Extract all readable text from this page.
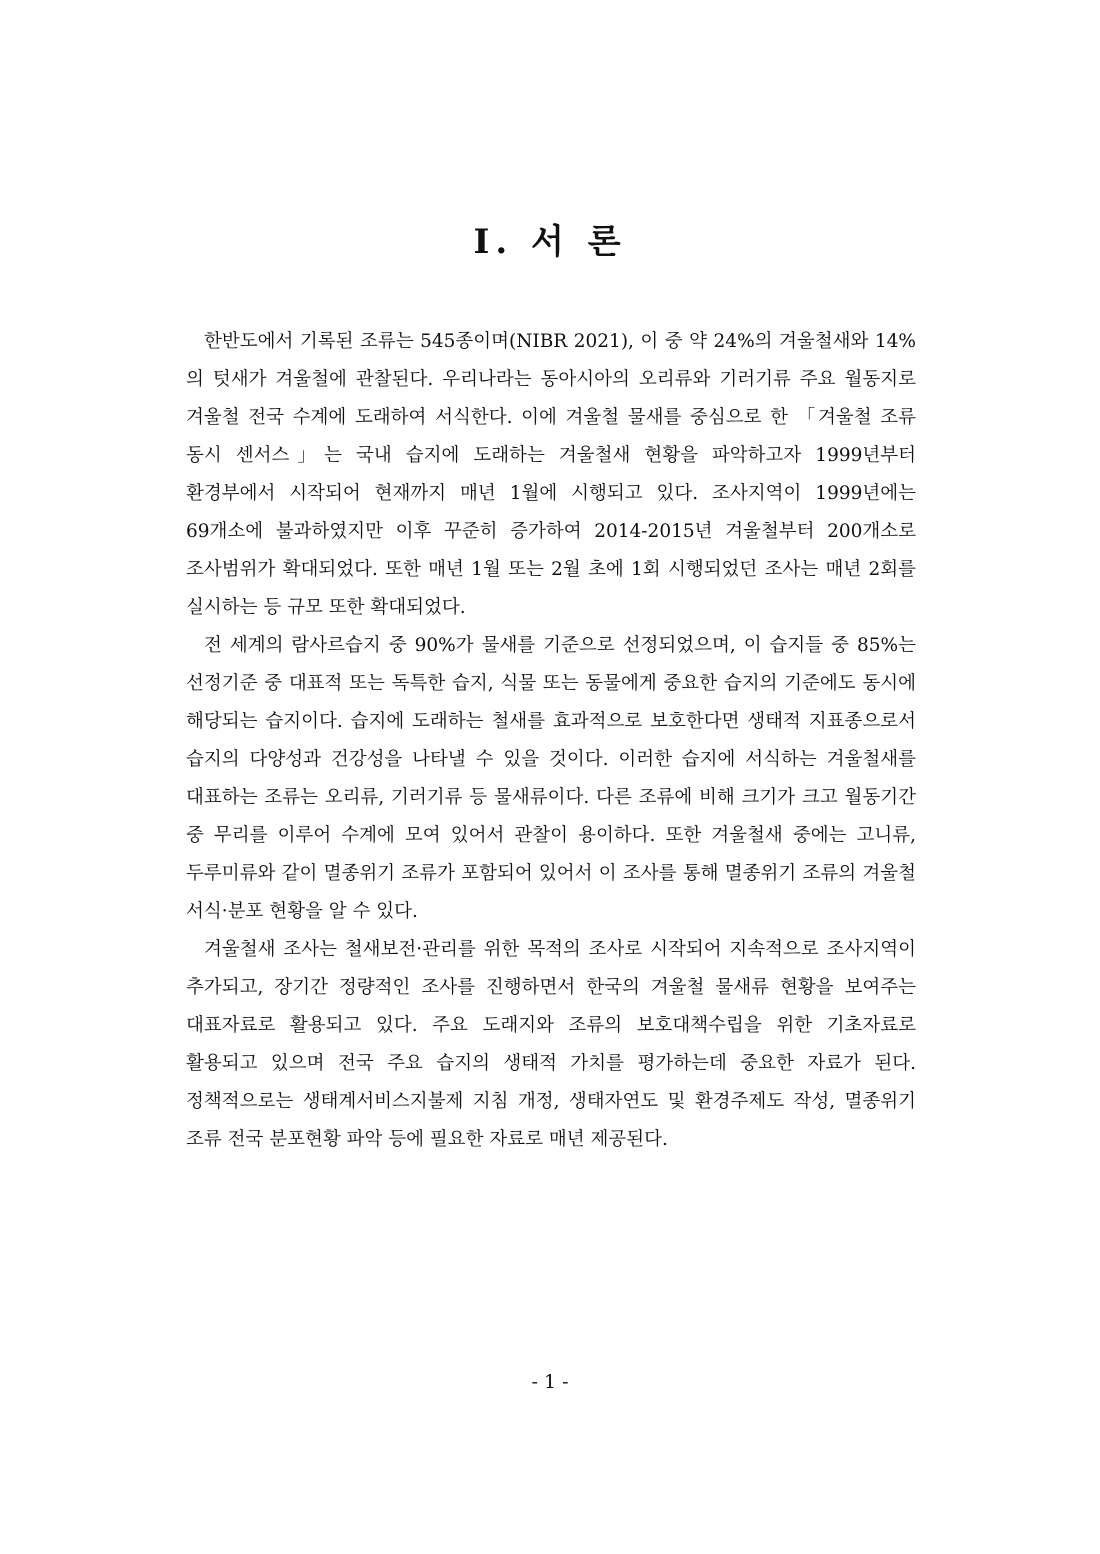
Ⅰ. 서 론

한반도에서 기록된 조류는 545종이며(NIBR 2021), 이 중 약 24%의 겨울철새와 14%의 텃새가 겨울철에 관찰된다. 우리나라는 동아시아의 오리류와 기러기류 주요 월동지로 겨울철 전국 수계에 도래하여 서식한다. 이에 겨울철 물새를 중심으로 한 「겨울철 조류 동시 센서스」는 국내 습지에 도래하는 겨울철새 현황을 파악하고자 1999년부터 환경부에서 시작되어 현재까지 매년 1월에 시행되고 있다. 조사지역이 1999년에는 69개소에 불과하였지만 이후 꾸준히 증가하여 2014-2015년 겨울철부터 200개소로 조사범위가 확대되었다. 또한 매년 1월 또는 2월 초에 1회 시행되었던 조사는 매년 2회를 실시하는 등 규모 또한 확대되었다.

전 세계의 람사르습지 중 90%가 물새를 기준으로 선정되었으며, 이 습지들 중 85%는 선정기준 중 대표적 또는 독특한 습지, 식물 또는 동물에게 중요한 습지의 기준에도 동시에 해당되는 습지이다. 습지에 도래하는 철새를 효과적으로 보호한다면 생태적 지표종으로서 습지의 다양성과 건강성을 나타낼 수 있을 것이다. 이러한 습지에 서식하는 겨울철새를 대표하는 조류는 오리류, 기러기류 등 물새류이다. 다른 조류에 비해 크기가 크고 월동기간 중 무리를 이루어 수계에 모여 있어서 관찰이 용이하다. 또한 겨울철새 중에는 고니류, 두루미류와 같이 멸종위기 조류가 포함되어 있어서 이 조사를 통해 멸종위기 조류의 겨울철 서식·분포 현황을 알 수 있다.

겨울철새 조사는 철새보전·관리를 위한 목적의 조사로 시작되어 지속적으로 조사지역이 추가되고, 장기간 정량적인 조사를 진행하면서 한국의 겨울철 물새류 현황을 보여주는 대표자료로 활용되고 있다. 주요 도래지와 조류의 보호대책수립을 위한 기초자료로 활용되고 있으며 전국 주요 습지의 생태적 가치를 평가하는데 중요한 자료가 된다. 정책적으로는 생태계서비스지불제 지침 개정, 생태자연도 및 환경주제도 작성, 멸종위기 조류 전국 분포현황 파악 등에 필요한 자료로 매년 제공된다.

- 1 -
